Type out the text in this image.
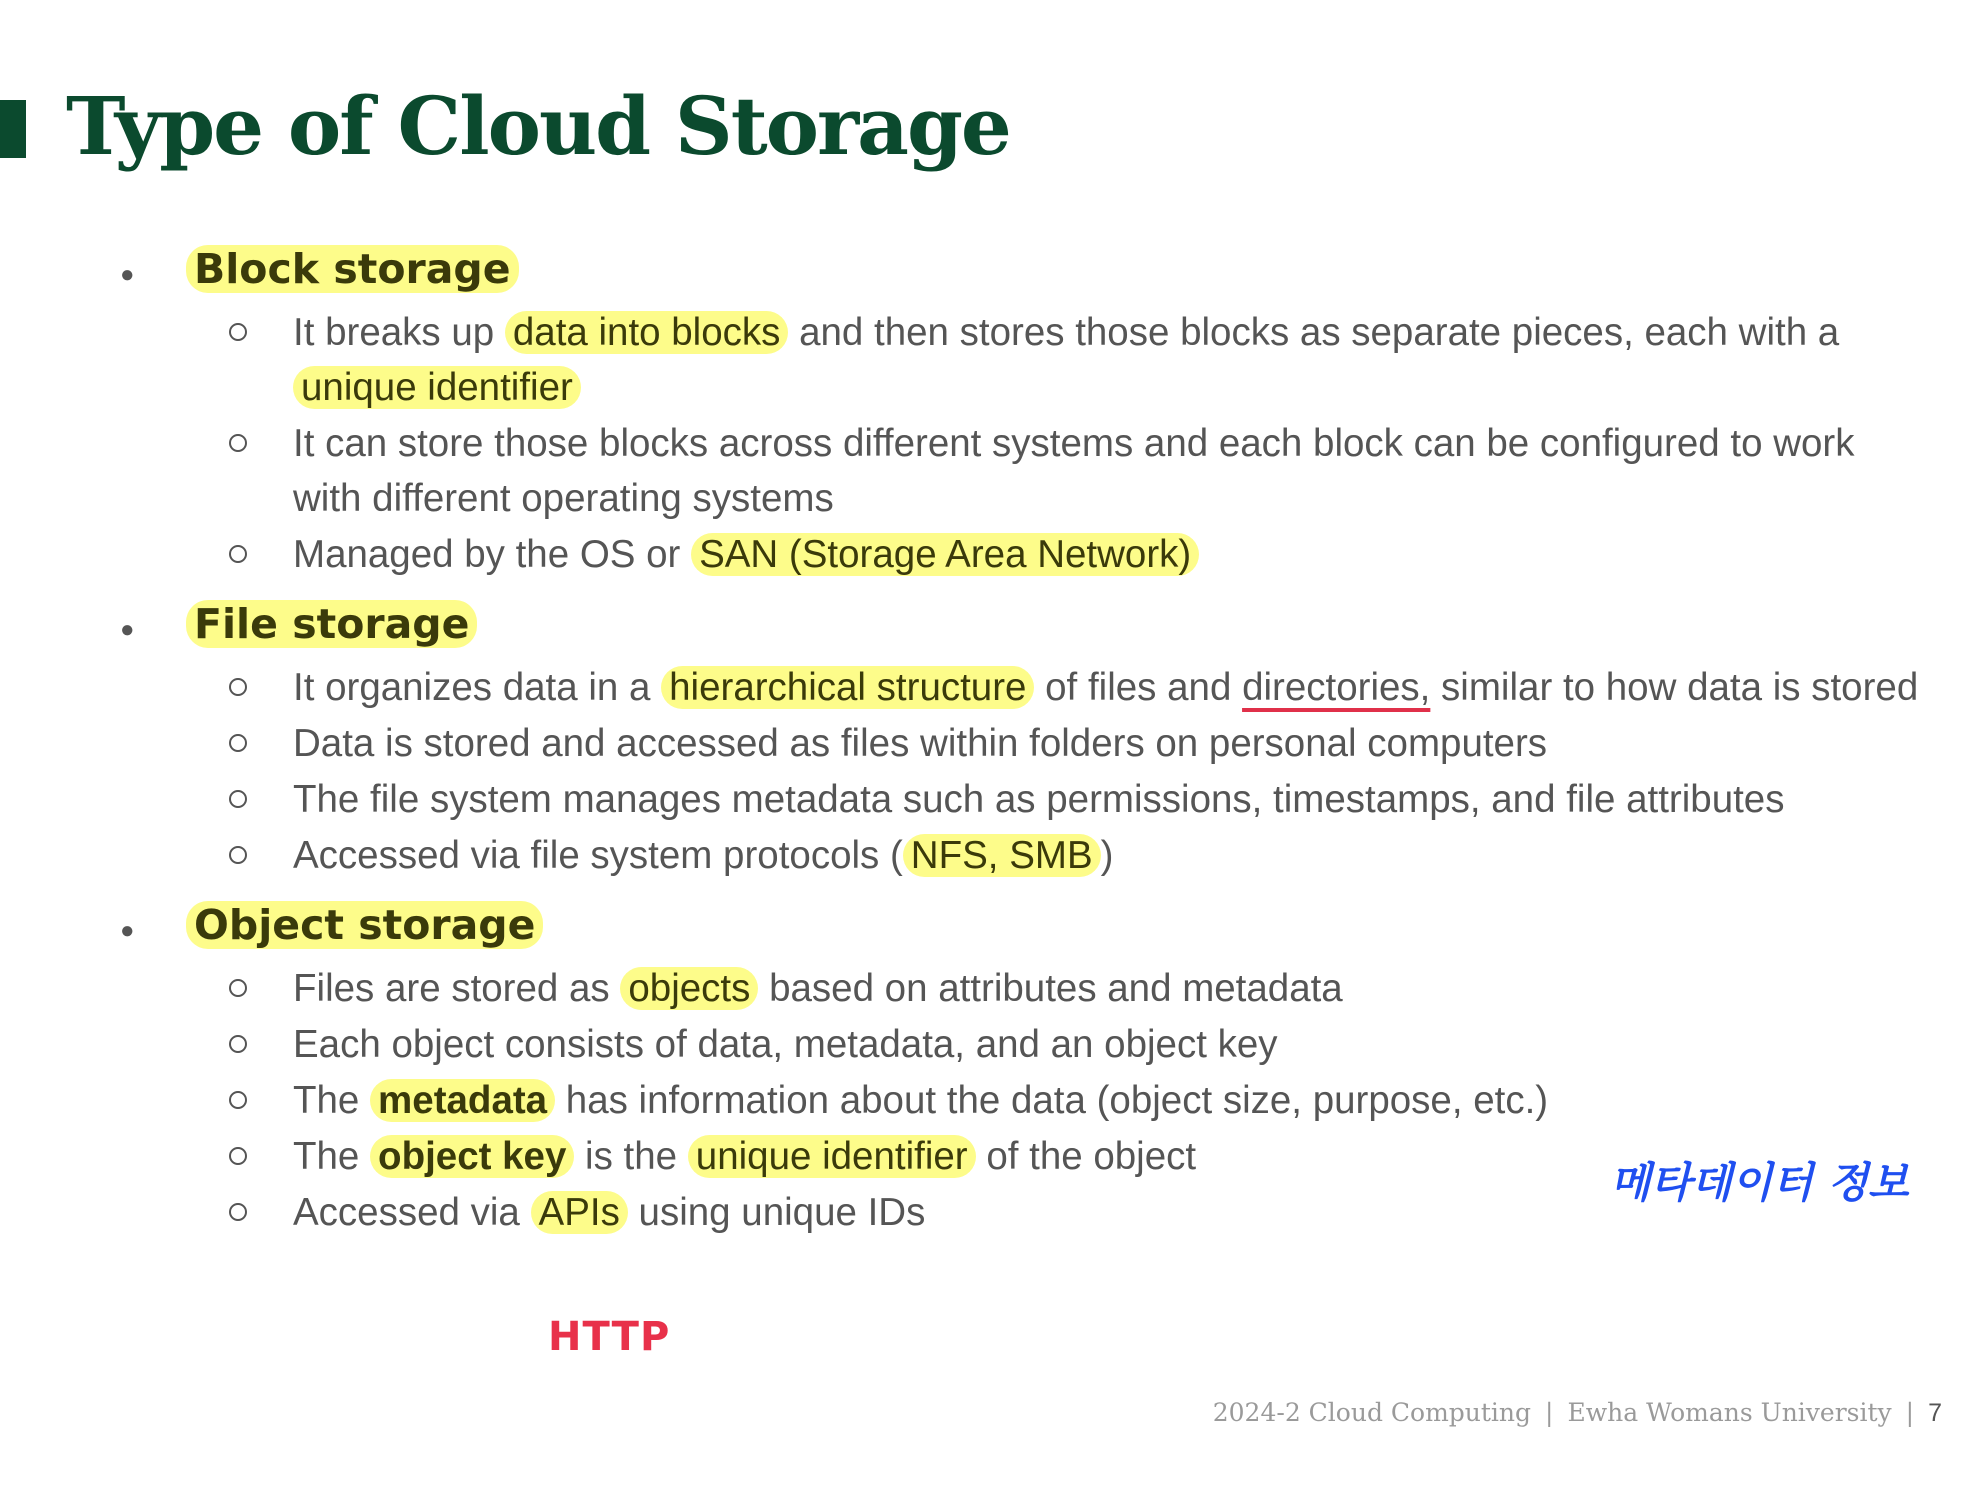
Type of Cloud Storage
● Block storage
It breaks up data into blocks and then stores those blocks as separate pieces, each with a unique identifier
It can store those blocks across different systems and each block can be configured to work with different operating systems
Managed by the OS or SAN (Storage Area Network)
● File storage
It organizes data in a hierarchical structure of files and directories, similar to how data is stored
Data is stored and accessed as files within folders on personal computers
The file system manages metadata such as permissions, timestamps, and file attributes
Accessed via file system protocols ( NFS, SMB )
● Object storage
Files are stored as objects based on attributes and metadata
Each object consists of data, metadata, and an object key
The metadata has information about the data (object size, purpose, etc.)
The object key is the unique identifier of the object
Accessed via APIs using unique IDs
메타데이터 정보
HTTP
2024-2 Cloud Computing | Ewha Womans University | 7
